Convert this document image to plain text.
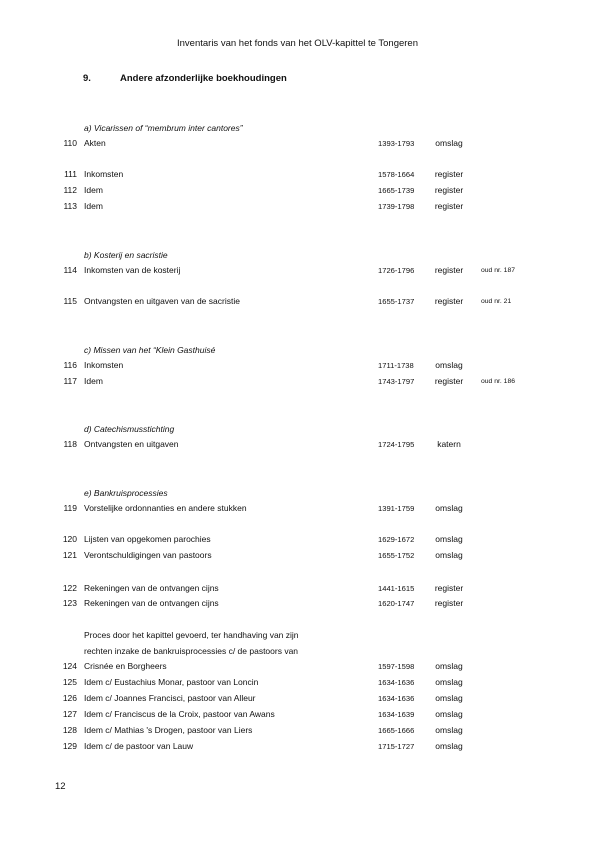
Inventaris van het fonds van het OLV-kapittel te Tongeren
9.	Andere afzonderlijke boekhoudingen
a) Vicarissen of “membrum inter cantores”
110 Akten	1393-1793	omslag
111 Inkomsten	1578-1664	register
112 Idem	1665-1739	register
113 Idem	1739-1798	register
b) Kosterij en sacristie
114 Inkomsten van de kosterij	1726-1796	register	oud nr. 187
115 Ontvangsten en uitgaven van de sacristie	1655-1737	register	oud nr. 21
c) Missen van het “Klein Gasthuisé
116 Inkomsten	1711-1738	omslag
117 Idem	1743-1797	register	oud nr. 186
d) Catechismusstichting
118 Ontvangsten en uitgaven	1724-1795	katern
e) Bankruisprocessies
119 Vorstelijke ordonnanties en andere stukken	1391-1759	omslag
120 Lijsten van opgekomen parochies	1629-1672	omslag
121 Verontschuldigingen van pastoors	1655-1752	omslag
122 Rekeningen van de ontvangen cijns	1441-1615	register
123 Rekeningen van de ontvangen cijns	1620-1747	register
Proces door het kapittel gevoerd, ter handhaving van zijn
rechten inzake de bankruisprocessies c/ de pastoors van
124 Crisnée en Borgheers	1597-1598	omslag
125 Idem c/ Eustachius Monar, pastoor van Loncin	1634-1636	omslag
126 Idem c/ Joannes Francisci, pastoor van Alleur	1634-1636	omslag
127 Idem c/ Franciscus de la Croix, pastoor van Awans	1634-1639	omslag
128 Idem c/ Mathias 's Drogen, pastoor van Liers	1665-1666	omslag
129 Idem c/ de pastoor van Lauw	1715-1727	omslag
12
